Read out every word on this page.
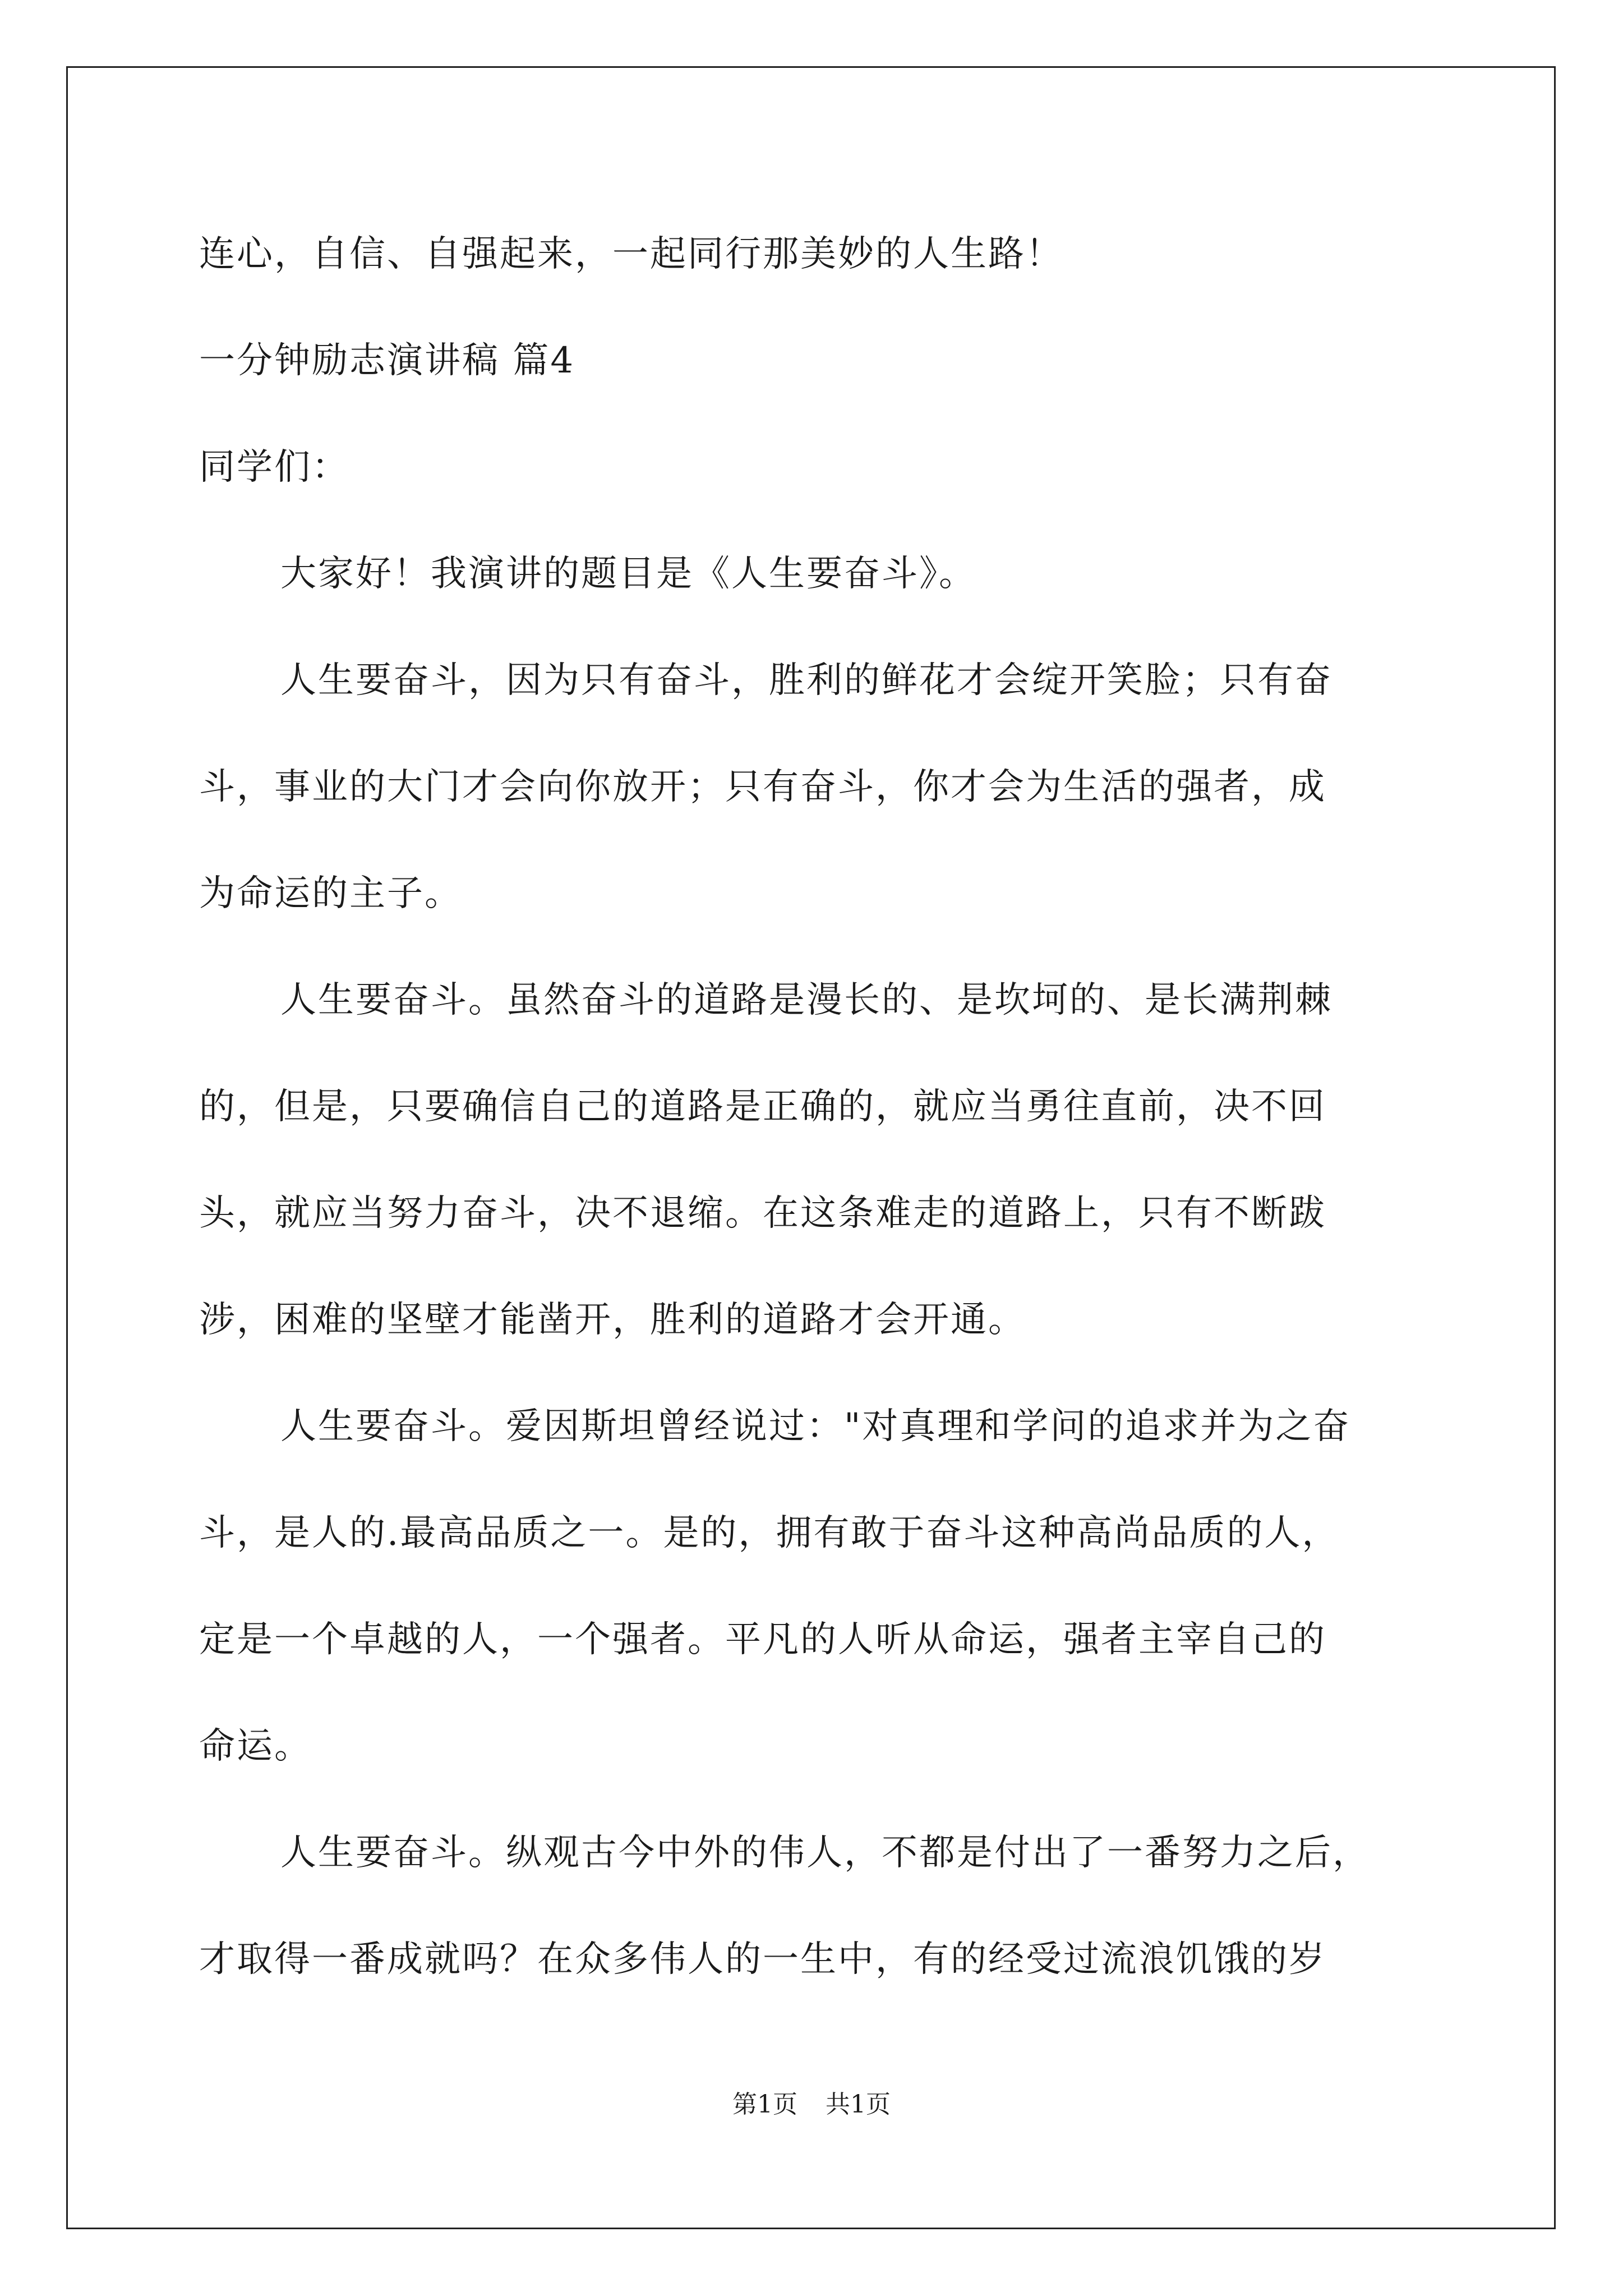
连心，自信、自强起来，一起同行那美妙的人生路！
一分钟励志演讲稿 篇4
同学们：
大家好！我演讲的题目是《人生要奋斗》。
人生要奋斗，因为只有奋斗，胜利的鲜花才会绽开笑脸；只有奋
斗，事业的大门才会向你放开；只有奋斗，你才会为生活的强者，成
为命运的主子。
人生要奋斗。虽然奋斗的道路是漫长的、是坎坷的、是长满荆棘
的，但是，只要确信自己的道路是正确的，就应当勇往直前，决不回
头，就应当努力奋斗，决不退缩。在这条难走的道路上，只有不断跋
涉，困难的坚壁才能凿开，胜利的道路才会开通。
人生要奋斗。爱因斯坦曾经说过："对真理和学问的追求并为之奋
斗，是人的.最高品质之一。是的，拥有敢于奋斗这种高尚品质的人，
定是一个卓越的人，一个强者。平凡的人听从命运，强者主宰自己的
命运。
人生要奋斗。纵观古今中外的伟人，不都是付出了一番努力之后，
才取得一番成就吗？在众多伟人的一生中，有的经受过流浪饥饿的岁
第1页 共1页
